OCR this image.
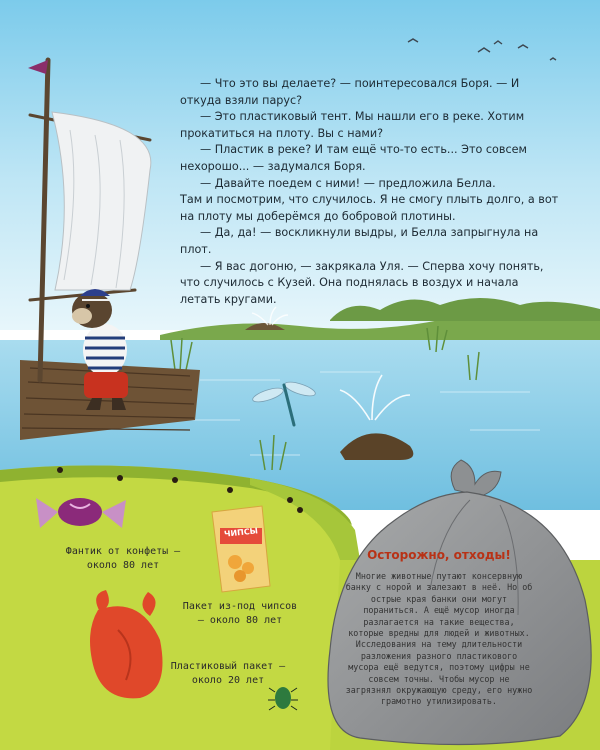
— Что это вы делаете? — поинтересовался Боря. — И откуда взяли парус?

— Это пластиковый тент. Мы нашли его в реке. Хотим прокатиться на плоту. Вы с нами?

— Пластик в реке? И там ещё что-то есть... Это совсем нехорошо... — задумался Боря.

— Давайте поедем с ними! — предложила Белла.

Там и посмотрим, что случилось. Я не смогу плыть долго, а вот на плоту мы доберёмся до бобровой плотины.

— Да, да! — воскликнули выдры, и Белла запрыгнула на плот.

— Я вас догоню, — закрякала Уля. — Сперва хочу понять, что случилось с Кузей. Она поднялась в воздух и начала летать кругами.

ЧИПСЫ
Фантик от конфеты — около 80 лет
Пакет из-под чипсов — около 80 лет
Пластиковый пакет — около 20 лет
Осторожно, отходы!
Многие животные путают консервную банку с норой и залезают в неё. Но об острые края банки они могут пораниться. А ещё мусор иногда разлагается на такие вещества, которые вредны для людей и животных. Исследования на тему длительности разложения разного пластикового мусора ещё ведутся, поэтому цифры не совсем точны. Чтобы мусор не загрязнял окружающую среду, его нужно грамотно утилизировать.
